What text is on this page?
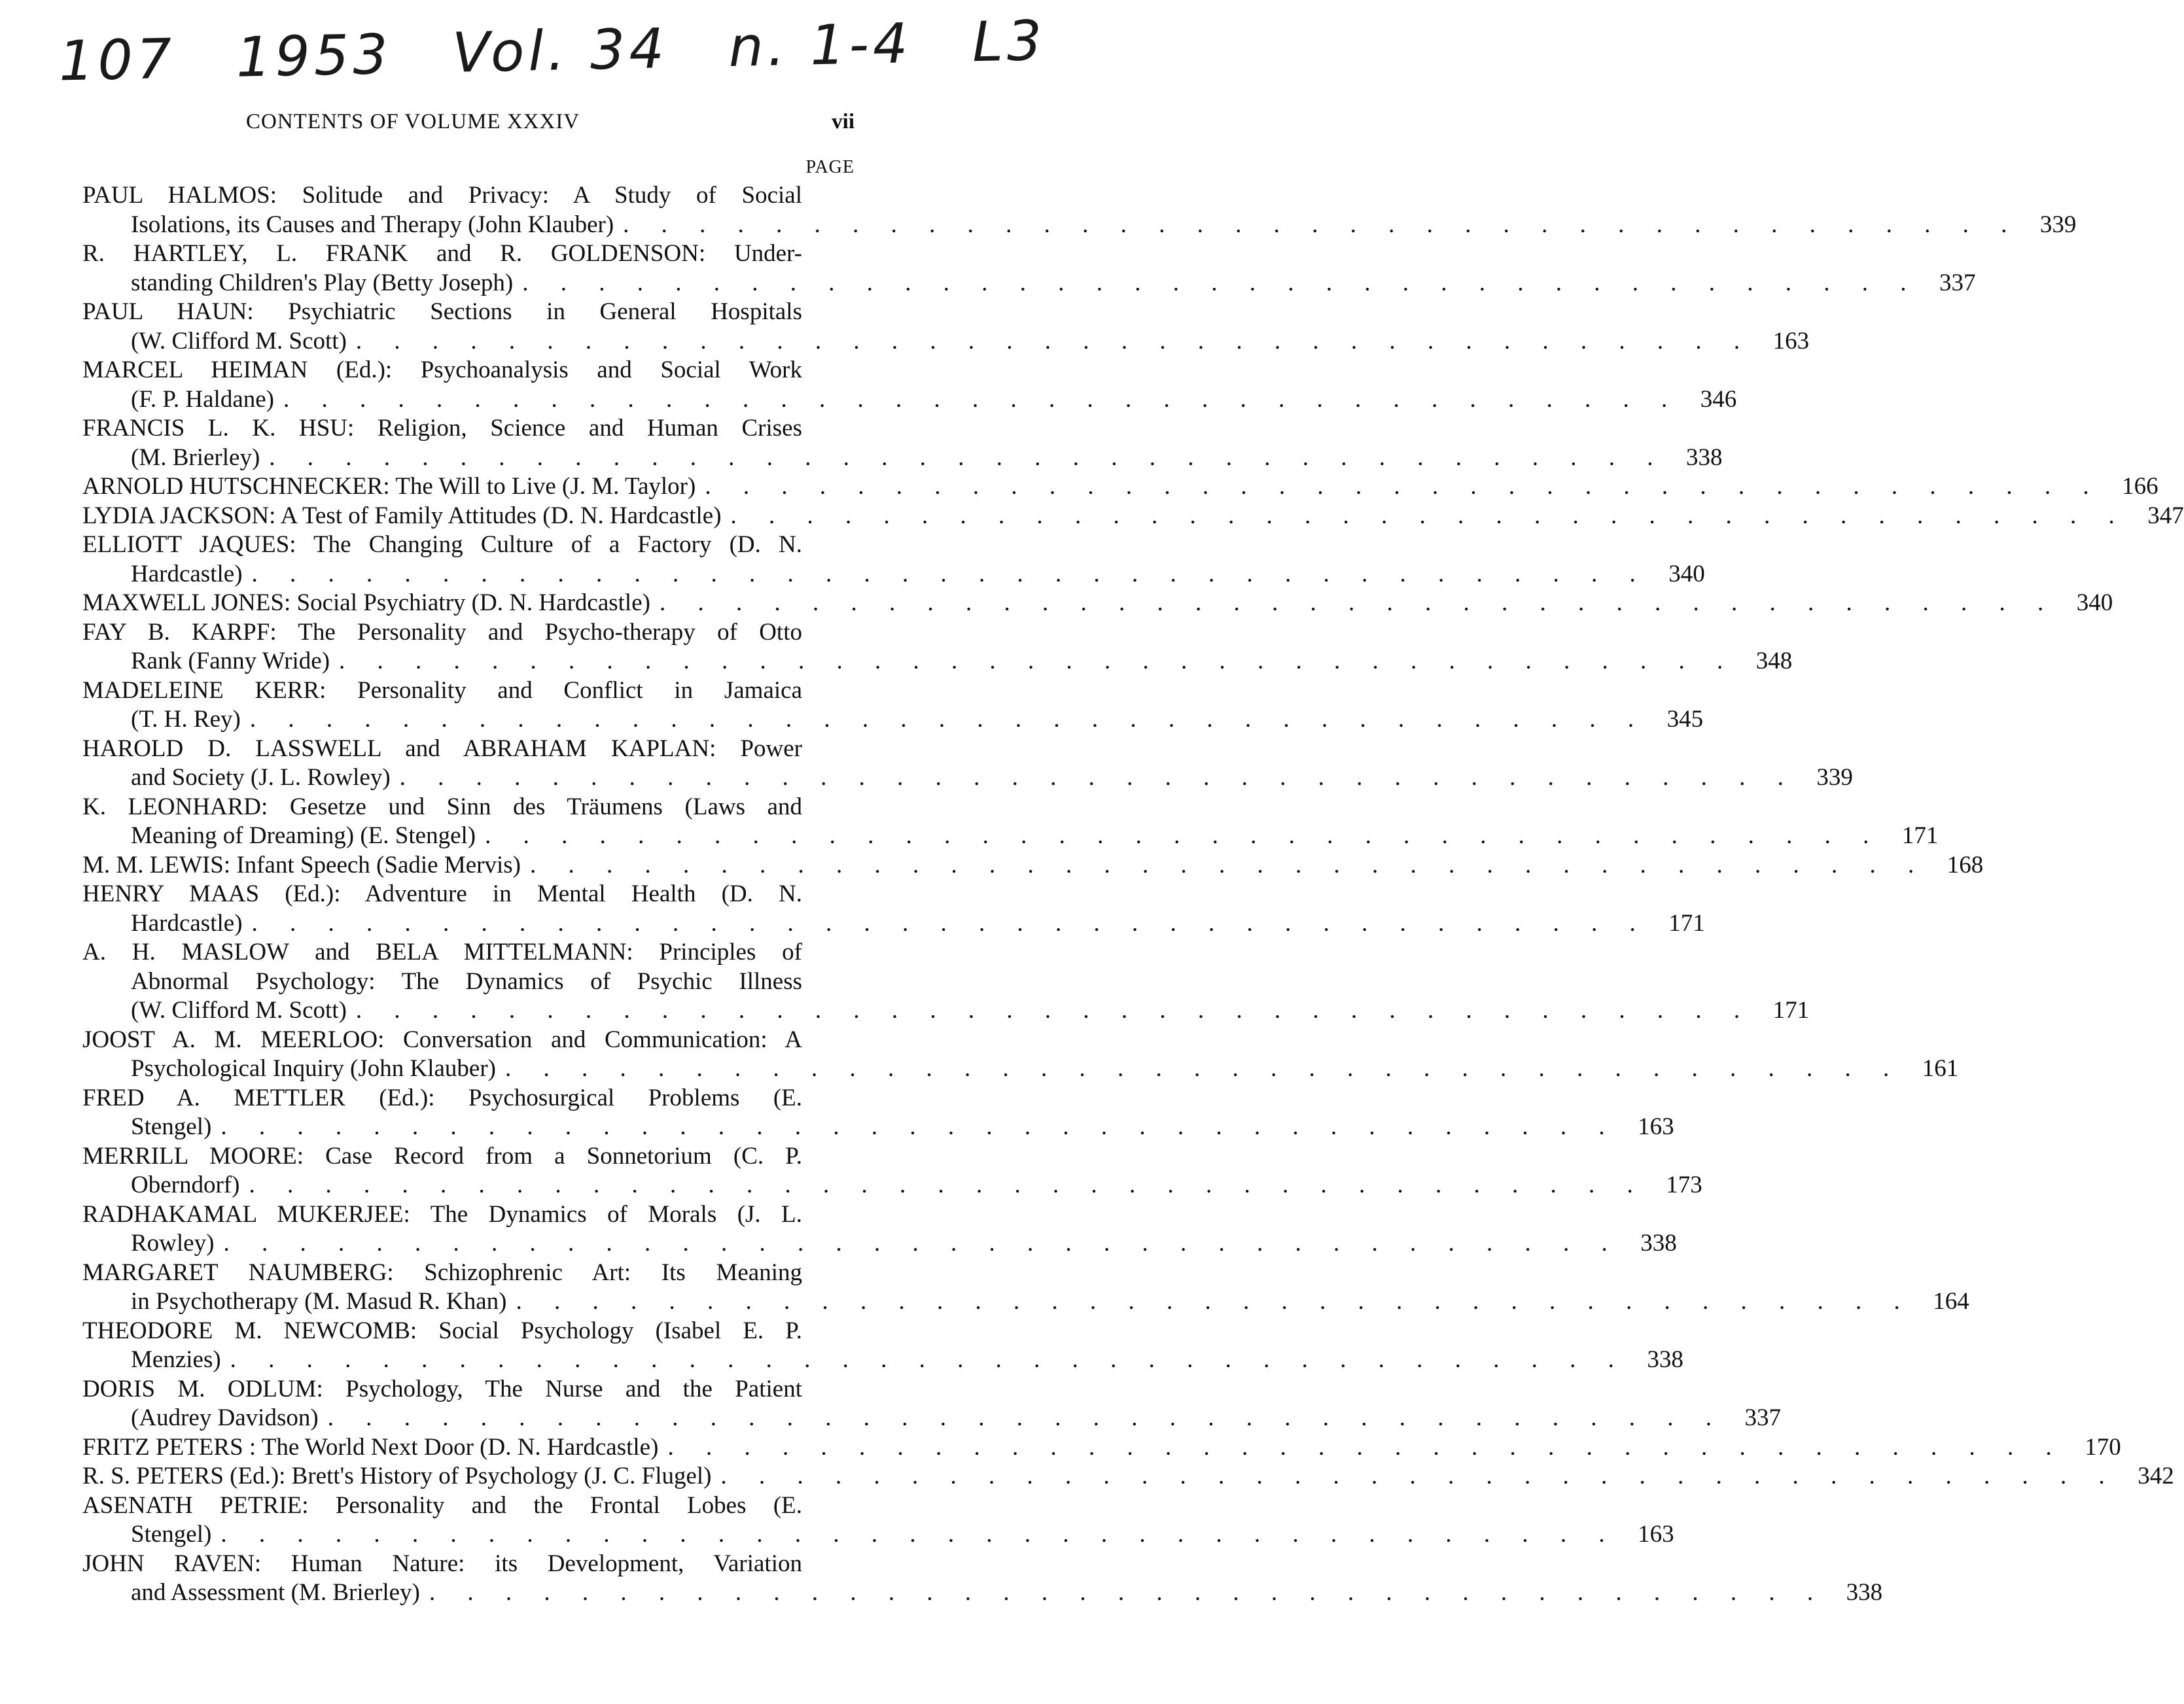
107 1953 Vol. 34 n. 1-4 L3
CONTENTS OF VOLUME XXXIV	vii
PAGE
PAUL HALMOS: Solitude and Privacy: A Study of Social
Isolations, its Causes and Therapy (John Klauber) . . .	339
R. HARTLEY, L. FRANK and R. GOLDENSON: Under-
standing Children's Play (Betty Joseph) . . .	337
PAUL HAUN: Psychiatric Sections in General Hospitals
(W. Clifford M. Scott) . . .	163
MARCEL HEIMAN (Ed.): Psychoanalysis and Social Work
(F. P. Haldane) . . .	346
FRANCIS L. K. HSU: Religion, Science and Human Crises
(M. Brierley) . . .	338
ARNOLD HUTSCHNECKER: The Will to Live (J. M. Taylor) . . .	166
LYDIA JACKSON: A Test of Family Attitudes (D. N. Hardcastle) . . .	347
ELLIOTT JAQUES: The Changing Culture of a Factory (D. N.
Hardcastle) . . .	340
MAXWELL JONES: Social Psychiatry (D. N. Hardcastle) . . .	340
FAY B. KARPF: The Personality and Psycho-therapy of Otto
Rank (Fanny Wride) . . .	348
MADELEINE KERR: Personality and Conflict in Jamaica
(T. H. Rey) . . .	345
HAROLD D. LASSWELL and ABRAHAM KAPLAN: Power
and Society (J. L. Rowley) . . .	339
K. LEONHARD: Gesetze und Sinn des Träumens (Laws and
Meaning of Dreaming) (E. Stengel) . . .	171
M. M. LEWIS: Infant Speech (Sadie Mervis) . . .	168
HENRY MAAS (Ed.): Adventure in Mental Health (D. N.
Hardcastle) . . .	171
A. H. MASLOW and BELA MITTELMANN: Principles of
Abnormal Psychology: The Dynamics of Psychic Illness
(W. Clifford M. Scott) . . .	171
JOOST A. M. MEERLOO: Conversation and Communication: A
Psychological Inquiry (John Klauber) . . .	161
FRED A. METTLER (Ed.): Psychosurgical Problems (E.
Stengel) . . .	163
MERRILL MOORE: Case Record from a Sonnetorium (C. P.
Oberndorf) . . .	173
RADHAKAMAL MUKERJEE: The Dynamics of Morals (J. L.
Rowley) . . .	338
MARGARET NAUMBERG: Schizophrenic Art: Its Meaning
in Psychotherapy (M. Masud R. Khan) . . .	164
THEODORE M. NEWCOMB: Social Psychology (Isabel E. P.
Menzies) . . .	338
DORIS M. ODLUM: Psychology, The Nurse and the Patient
(Audrey Davidson) . . .	337
FRITZ PETERS : The World Next Door (D. N. Hardcastle) . . .	170
R. S. PETERS (Ed.): Brett's History of Psychology (J. C. Flugel) . . .	342
ASENATH PETRIE: Personality and the Frontal Lobes (E.
Stengel) . . .	163
JOHN RAVEN: Human Nature: its Development, Variation
and Assessment (M. Brierley) . . .	338
